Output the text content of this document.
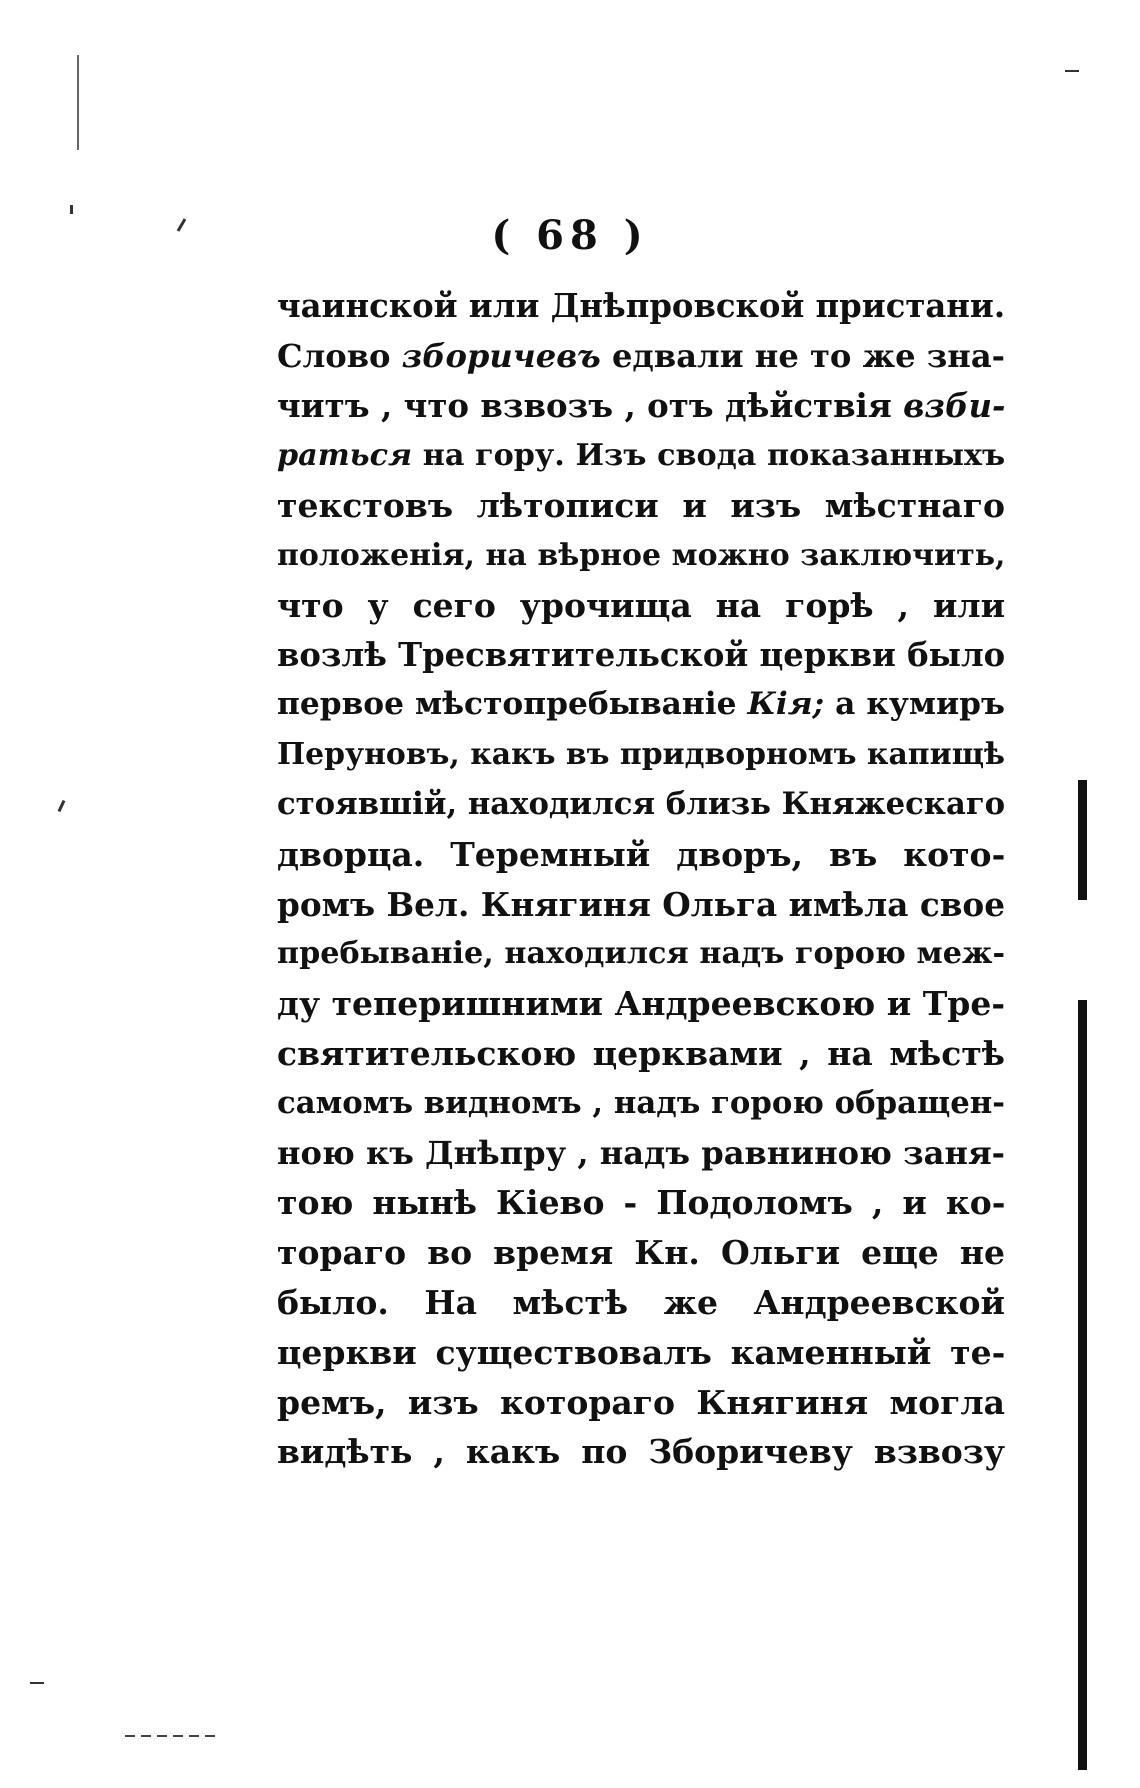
( 68 )
чаинской или Днѣпровской пристани.
Слово зборичевъ едвали не то же зна-
читъ , что взвозъ , отъ дѣйствія взби-
раться на гору. Изъ свода показанныхъ
текстовъ лѣтописи и изъ мѣстнаго
положенія, на вѣрное можно заключить,
что у сего урочища на горѣ , или
возлѣ Тресвятительской церкви было
первое мѣстопребываніе Кія; а кумиръ
Перуновъ, какъ въ придворномъ капищѣ
стоявшій, находился близь Княжескаго
дворца. Теремный дворъ, въ кото-
ромъ Вел. Княгиня Ольга имѣла свое
пребываніе, находился надъ горою меж-
ду теперишними Андреевскою и Тре-
святительскою церквами , на мѣстѣ
самомъ видномъ , надъ горою обращен-
ною къ Днѣпру , надъ равниною заня-
тою нынѣ Кіево - Подоломъ , и ко-
тораго во время Кн. Ольги еще не
было. На мѣстѣ же Андреевской
церкви существовалъ каменный те-
ремъ, изъ котораго Княгиня могла
видѣть , какъ по Зборичеву взвозу
